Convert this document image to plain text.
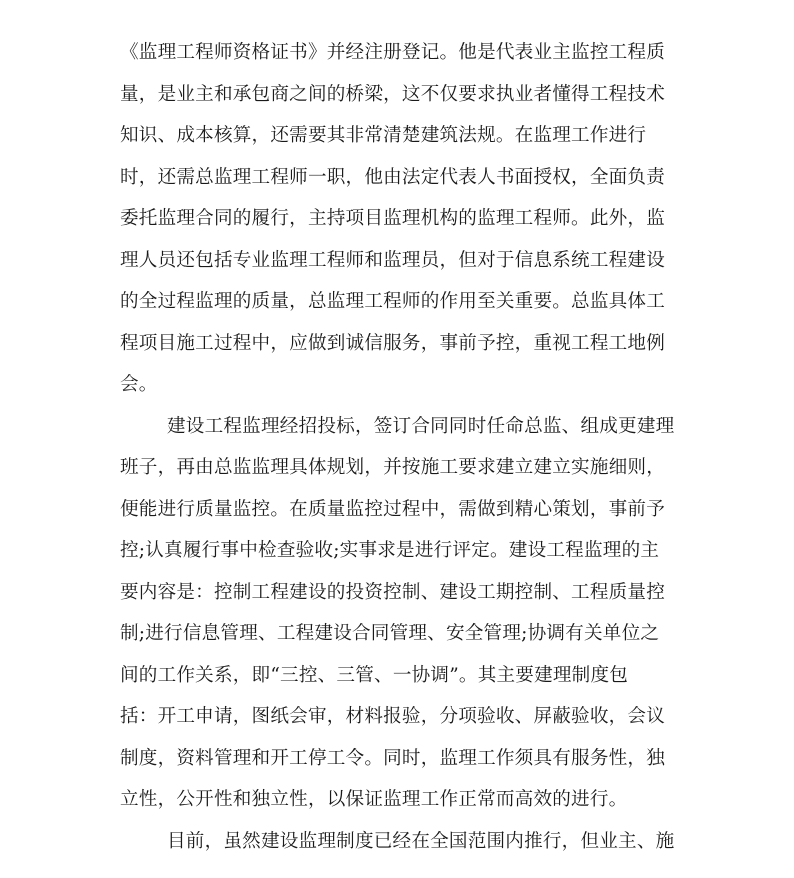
《监理工程师资格证书》并经注册登记。他是代表业主监控工程质
量，是业主和承包商之间的桥梁，这不仅要求执业者懂得工程技术
知识、成本核算，还需要其非常清楚建筑法规。在监理工作进行
时，还需总监理工程师一职，他由法定代表人书面授权，全面负责
委托监理合同的履行，主持项目监理机构的监理工程师。此外，监
理人员还包括专业监理工程师和监理员，但对于信息系统工程建设
的全过程监理的质量，总监理工程师的作用至关重要。总监具体工
程项目施工过程中，应做到诚信服务，事前予控，重视工程工地例
会。
建设工程监理经招投标，签订合同同时任命总监、组成更建理
班子，再由总监监理具体规划，并按施工要求建立建立实施细则，
便能进行质量监控。在质量监控过程中，需做到精心策划，事前予
控;认真履行事中检查验收;实事求是进行评定。建设工程监理的主
要内容是：控制工程建设的投资控制、建设工期控制、工程质量控
制;进行信息管理、工程建设合同管理、安全管理;协调有关单位之
间的工作关系，即“三控、三管、一协调”。其主要建理制度包
括：开工申请，图纸会审，材料报验，分项验收、屏蔽验收，会议
制度，资料管理和开工停工令。同时，监理工作须具有服务性，独
立性，公开性和独立性，以保证监理工作正常而高效的进行。
目前，虽然建设监理制度已经在全国范围内推行，但业主、施
